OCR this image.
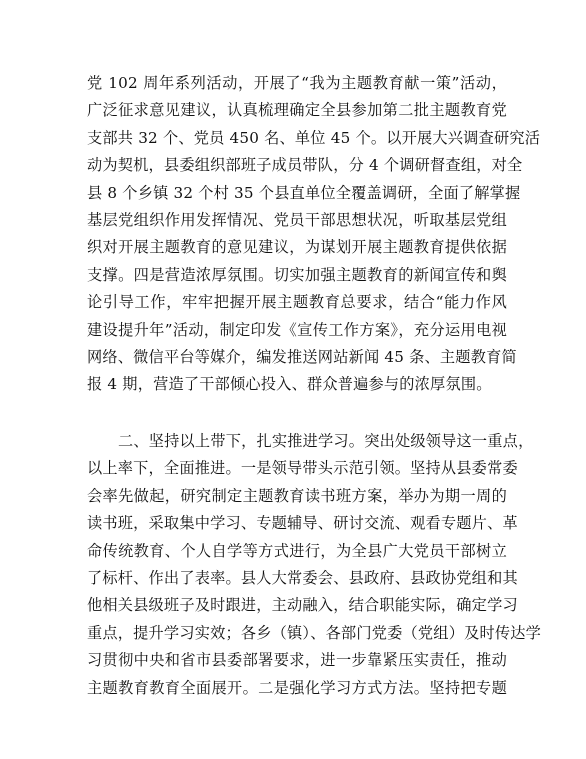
党 102 周年系列活动，开展了“我为主题教育献一策”活动，
广泛征求意见建议，认真梳理确定全县参加第二批主题教育党
支部共 32 个、党员 450 名、单位 45 个。以开展大兴调查研究活
动为契机，县委组织部班子成员带队，分 4 个调研督查组，对全
县 8 个乡镇 32 个村 35 个县直单位全覆盖调研，全面了解掌握
基层党组织作用发挥情况、党员干部思想状况，听取基层党组
织对开展主题教育的意见建议，为谋划开展主题教育提供依据
支撑。四是营造浓厚氛围。切实加强主题教育的新闻宣传和舆
论引导工作，牢牢把握开展主题教育总要求，结合“能力作风
建设提升年”活动，制定印发《宣传工作方案》，充分运用电视
网络、微信平台等媒介，编发推送网站新闻 45 条、主题教育简
报 4 期，营造了干部倾心投入、群众普遍参与的浓厚氛围。
二、坚持以上带下，扎实推进学习。突出处级领导这一重点，
以上率下，全面推进。一是领导带头示范引领。坚持从县委常委
会率先做起，研究制定主题教育读书班方案，举办为期一周的
读书班，采取集中学习、专题辅导、研讨交流、观看专题片、革
命传统教育、个人自学等方式进行，为全县广大党员干部树立
了标杆、作出了表率。县人大常委会、县政府、县政协党组和其
他相关县级班子及时跟进，主动融入，结合职能实际，确定学习
重点，提升学习实效；各乡（镇）、各部门党委（党组）及时传达学
习贯彻中央和省市县委部署要求，进一步靠紧压实责任，推动
主题教育教育全面展开。二是强化学习方式方法。坚持把专题
